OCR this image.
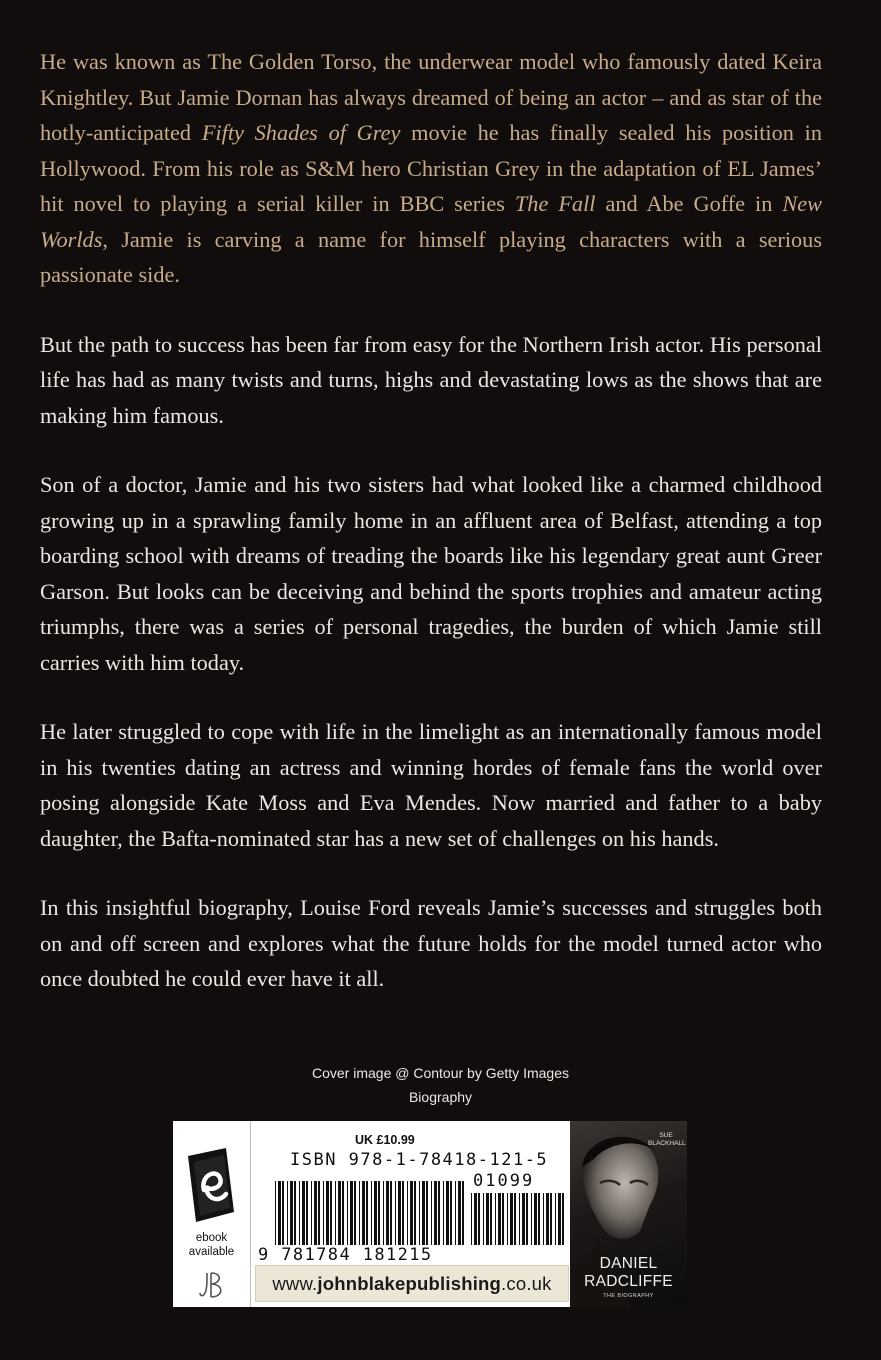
He was known as The Golden Torso, the underwear model who famously dated Keira Knightley. But Jamie Dornan has always dreamed of being an actor – and as star of the hotly-anticipated Fifty Shades of Grey movie he has finally sealed his position in Hollywood. From his role as S&M hero Christian Grey in the adaptation of EL James’ hit novel to playing a serial killer in BBC series The Fall and Abe Goffe in New Worlds, Jamie is carving a name for himself playing characters with a serious passionate side.

But the path to success has been far from easy for the Northern Irish actor. His personal life has had as many twists and turns, highs and devastating lows as the shows that are making him famous.

Son of a doctor, Jamie and his two sisters had what looked like a charmed childhood growing up in a sprawling family home in an affluent area of Belfast, attending a top boarding school with dreams of treading the boards like his legendary great aunt Greer Garson. But looks can be deceiving and behind the sports trophies and amateur acting triumphs, there was a series of personal tragedies, the burden of which Jamie still carries with him today.

He later struggled to cope with life in the limelight as an internationally famous model in his twenties dating an actress and winning hordes of female fans the world over posing alongside Kate Moss and Eva Mendes. Now married and father to a baby daughter, the Bafta-nominated star has a new set of challenges on his hands.

In this insightful biography, Louise Ford reveals Jamie’s successes and struggles both on and off screen and explores what the future holds for the model turned actor who once doubted he could ever have it all.

Cover image @ Contour by Getty Images
Biography
ebook
available
UK £10.99
ISBN 978-1-78418-121-5
01099
9 781784 181215
www.johnblakepublishing.co.uk
SUE
BLACKHALL
DANIEL
RADCLIFFE
THE BIOGRAPHY
